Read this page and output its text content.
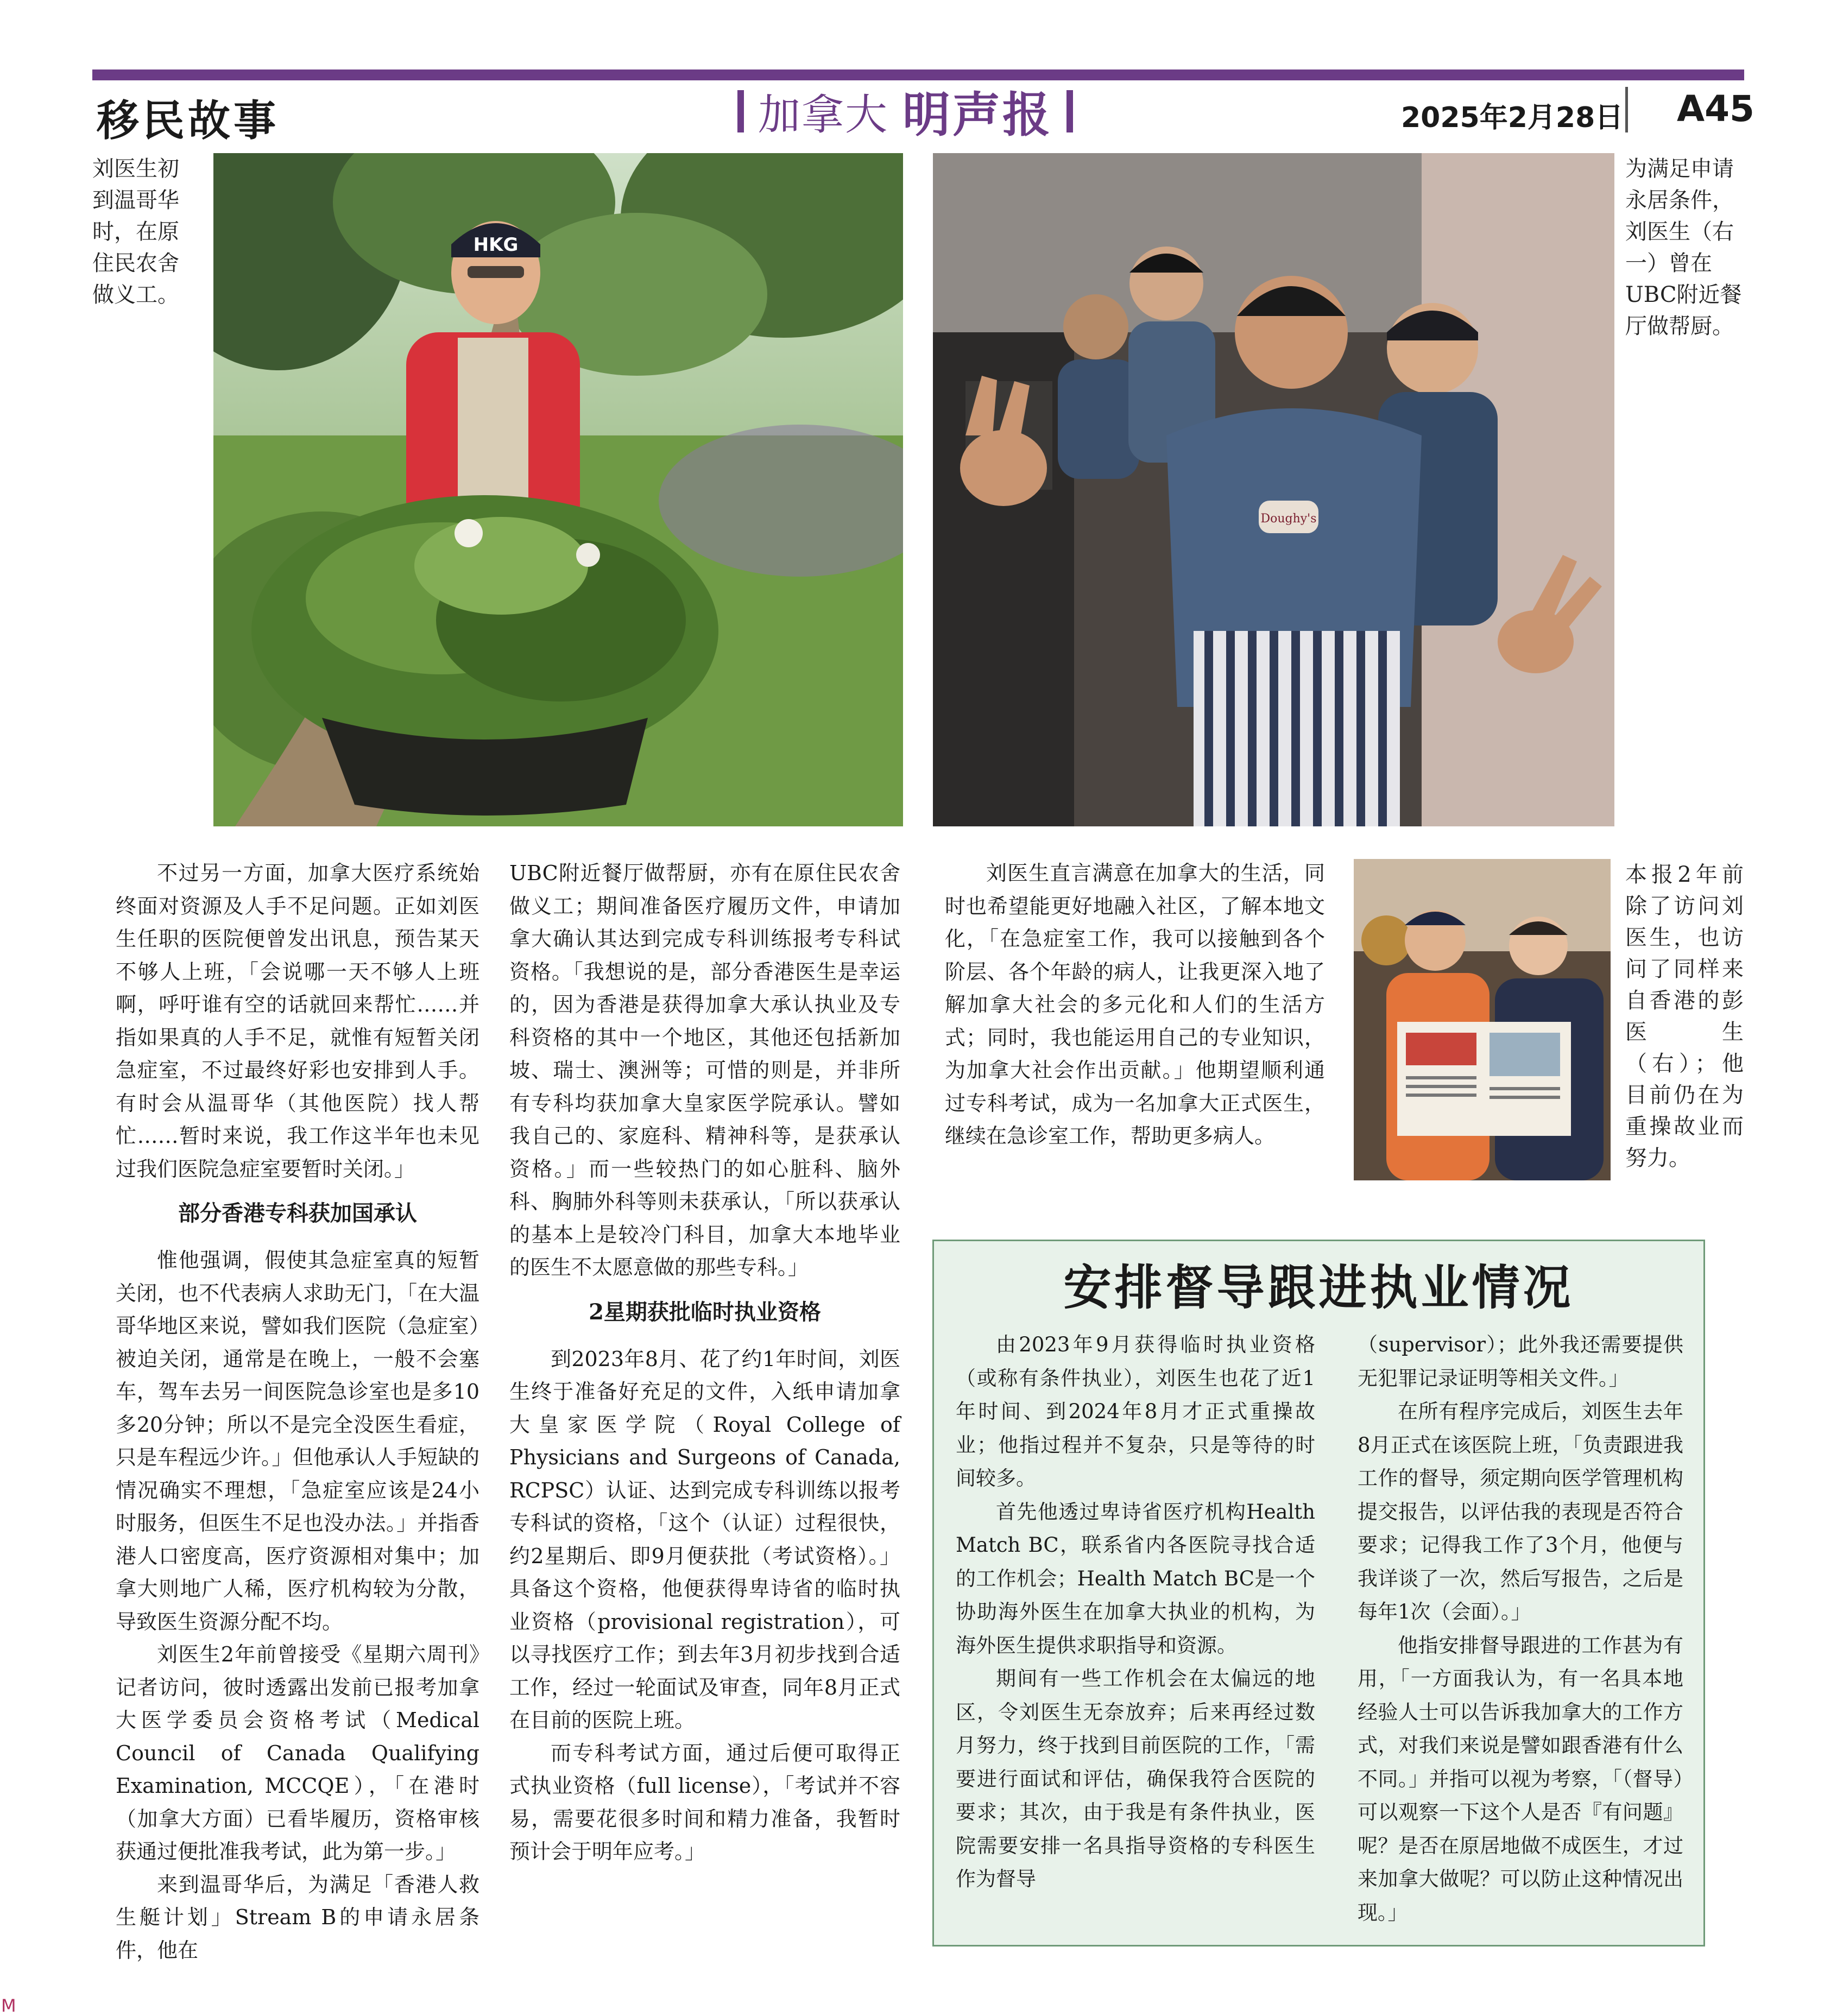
移民故事	加拿大 明声报	2025年2月28日 A45
刘医生初到温哥华时，在原住民农舍做义工。
为满足申请永居条件，刘医生（右一）曾在UBC附近餐厅做帮厨。
本报2年前除了访问刘医生，也访问了同样来自香港的彭医生（右）；他目前仍在为重操故业而努力。
HKG
Doughy's

不过另一方面，加拿大医疗系统始终面对资源及人手不足问题。正如刘医生任职的医院便曾发出讯息，预告某天不够人上班，「会说哪一天不够人上班啊，呼吁谁有空的话就回来帮忙……并指如果真的人手不足，就惟有短暂关闭急症室，不过最终好彩也安排到人手。有时会从温哥华（其他医院）找人帮忙……暂时来说，我工作这半年也未见过我们医院急症室要暂时关闭。」

部分香港专科获加国承认

惟他强调，假使其急症室真的短暂关闭，也不代表病人求助无门，「在大温哥华地区来说，譬如我们医院（急症室）被迫关闭，通常是在晚上，一般不会塞车，驾车去另一间医院急诊室也是多10多20分钟；所以不是完全没医生看症，只是车程远少许。」但他承认人手短缺的情况确实不理想，「急症室应该是24小时服务，但医生不足也没办法。」并指香港人口密度高，医疗资源相对集中；加拿大则地广人稀，医疗机构较为分散，导致医生资源分配不均。

刘医生2年前曾接受《星期六周刊》记者访问，彼时透露出发前已报考加拿大医学委员会资格考试（Medical Council of Canada Qualifying Examination, MCCQE），「在港时（加拿大方面）已看毕履历，资格审核获通过便批准我考试，此为第一步。」

来到温哥华后，为满足「香港人救生艇计划」Stream B的申请永居条件，他在

UBC附近餐厅做帮厨，亦有在原住民农舍做义工；期间准备医疗履历文件，申请加拿大确认其达到完成专科训练报考专科试资格。「我想说的是，部分香港医生是幸运的，因为香港是获得加拿大承认执业及专科资格的其中一个地区，其他还包括新加坡、瑞士、澳洲等；可惜的则是，并非所有专科均获加拿大皇家医学院承认。譬如我自己的、家庭科、精神科等，是获承认资格。」而一些较热门的如心脏科、脑外科、胸肺外科等则未获承认，「所以获承认的基本上是较冷门科目，加拿大本地毕业的医生不太愿意做的那些专科。」

2星期获批临时执业资格

到2023年8月、花了约1年时间，刘医生终于准备好充足的文件，入纸申请加拿大皇家医学院（Royal College of Physicians and Surgeons of Canada, RCPSC）认证、达到完成专科训练以报考专科试的资格，「这个（认证）过程很快，约2星期后、即9月便获批（考试资格）。」具备这个资格，他便获得卑诗省的临时执业资格（provisional registration），可以寻找医疗工作；到去年3月初步找到合适工作，经过一轮面试及审查，同年8月正式在目前的医院上班。

而专科考试方面，通过后便可取得正式执业资格（full license），「考试并不容易，需要花很多时间和精力准备，我暂时预计会于明年应考。」

刘医生直言满意在加拿大的生活，同时也希望能更好地融入社区，了解本地文化，「在急症室工作，我可以接触到各个阶层、各个年龄的病人，让我更深入地了解加拿大社会的多元化和人们的生活方式；同时，我也能运用自己的专业知识，为加拿大社会作出贡献。」他期望顺利通过专科考试，成为一名加拿大正式医生，继续在急诊室工作，帮助更多病人。

安排督导跟进执业情况

由2023年9月获得临时执业资格（或称有条件执业），刘医生也花了近1年时间、到2024年8月才正式重操故业；他指过程并不复杂，只是等待的时间较多。

首先他透过卑诗省医疗机构Health Match BC，联系省内各医院寻找合适的工作机会；Health Match BC是一个协助海外医生在加拿大执业的机构，为海外医生提供求职指导和资源。

期间有一些工作机会在太偏远的地区，令刘医生无奈放弃；后来再经过数月努力，终于找到目前医院的工作，「需要进行面试和评估，确保我符合医院的要求；其次，由于我是有条件执业，医院需要安排一名具指导资格的专科医生作为督导

（supervisor）；此外我还需要提供无犯罪记录证明等相关文件。」

在所有程序完成后，刘医生去年8月正式在该医院上班，「负责跟进我工作的督导，须定期向医学管理机构提交报告，以评估我的表现是否符合要求；记得我工作了3个月，他便与我详谈了一次，然后写报告，之后是每年1次（会面）。」

他指安排督导跟进的工作甚为有用，「一方面我认为，有一名具本地经验人士可以告诉我加拿大的工作方式，对我们来说是譬如跟香港有什么不同。」并指可以视为考察，「（督导）可以观察一下这个人是否『有问题』呢？是否在原居地做不成医生，才过来加拿大做呢？可以防止这种情况出现。」

M
